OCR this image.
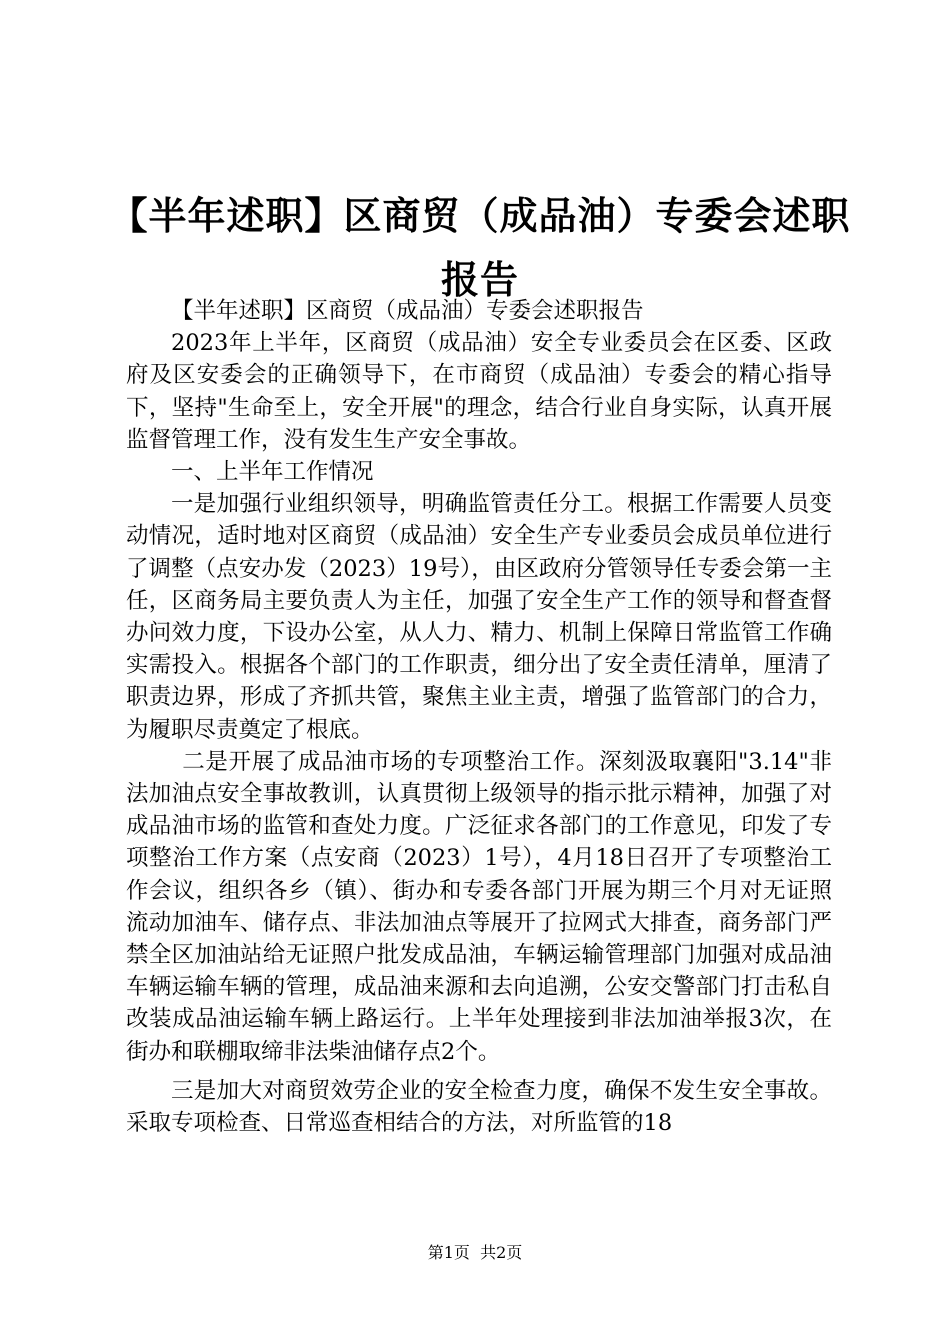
【半年述职】区商贸（成品油）专委会述职报告

【半年述职】区商贸（成品油）专委会述职报告

2023年上半年，区商贸（成品油）安全专业委员会在区委、区政府及区安委会的正确领导下，在市商贸（成品油）专委会的精心指导下，坚持"生命至上，安全开展"的理念，结合行业自身实际，认真开展监督管理工作，没有发生生产安全事故。

一、上半年工作情况

一是加强行业组织领导，明确监管责任分工。根据工作需要人员变动情况，适时地对区商贸（成品油）安全生产专业委员会成员单位进行了调整（点安办发（2023）19号），由区政府分管领导任专委会第一主任，区商务局主要负责人为主任，加强了安全生产工作的领导和督查督办问效力度，下设办公室，从人力、精力、机制上保障日常监管工作确实需投入。根据各个部门的工作职责，细分出了安全责任清单，厘清了职责边界，形成了齐抓共管，聚焦主业主责，增强了监管部门的合力，为履职尽责奠定了根底。

二是开展了成品油市场的专项整治工作。深刻汲取襄阳"3.14"非法加油点安全事故教训，认真贯彻上级领导的指示批示精神，加强了对成品油市场的监管和查处力度。广泛征求各部门的工作意见，印发了专项整治工作方案（点安商（2023）1号），4月18日召开了专项整治工作会议，组织各乡（镇）、街办和专委各部门开展为期三个月对无证照流动加油车、储存点、非法加油点等展开了拉网式大排查，商务部门严禁全区加油站给无证照户批发成品油，车辆运输管理部门加强对成品油车辆运输车辆的管理，成品油来源和去向追溯，公安交警部门打击私自改装成品油运输车辆上路运行。上半年处理接到非法加油举报3次，在街办和联棚取缔非法柴油储存点2个。

三是加大对商贸效劳企业的安全检查力度，确保不发生安全事故。采取专项检查、日常巡查相结合的方法，对所监管的18

第1页  共2页
